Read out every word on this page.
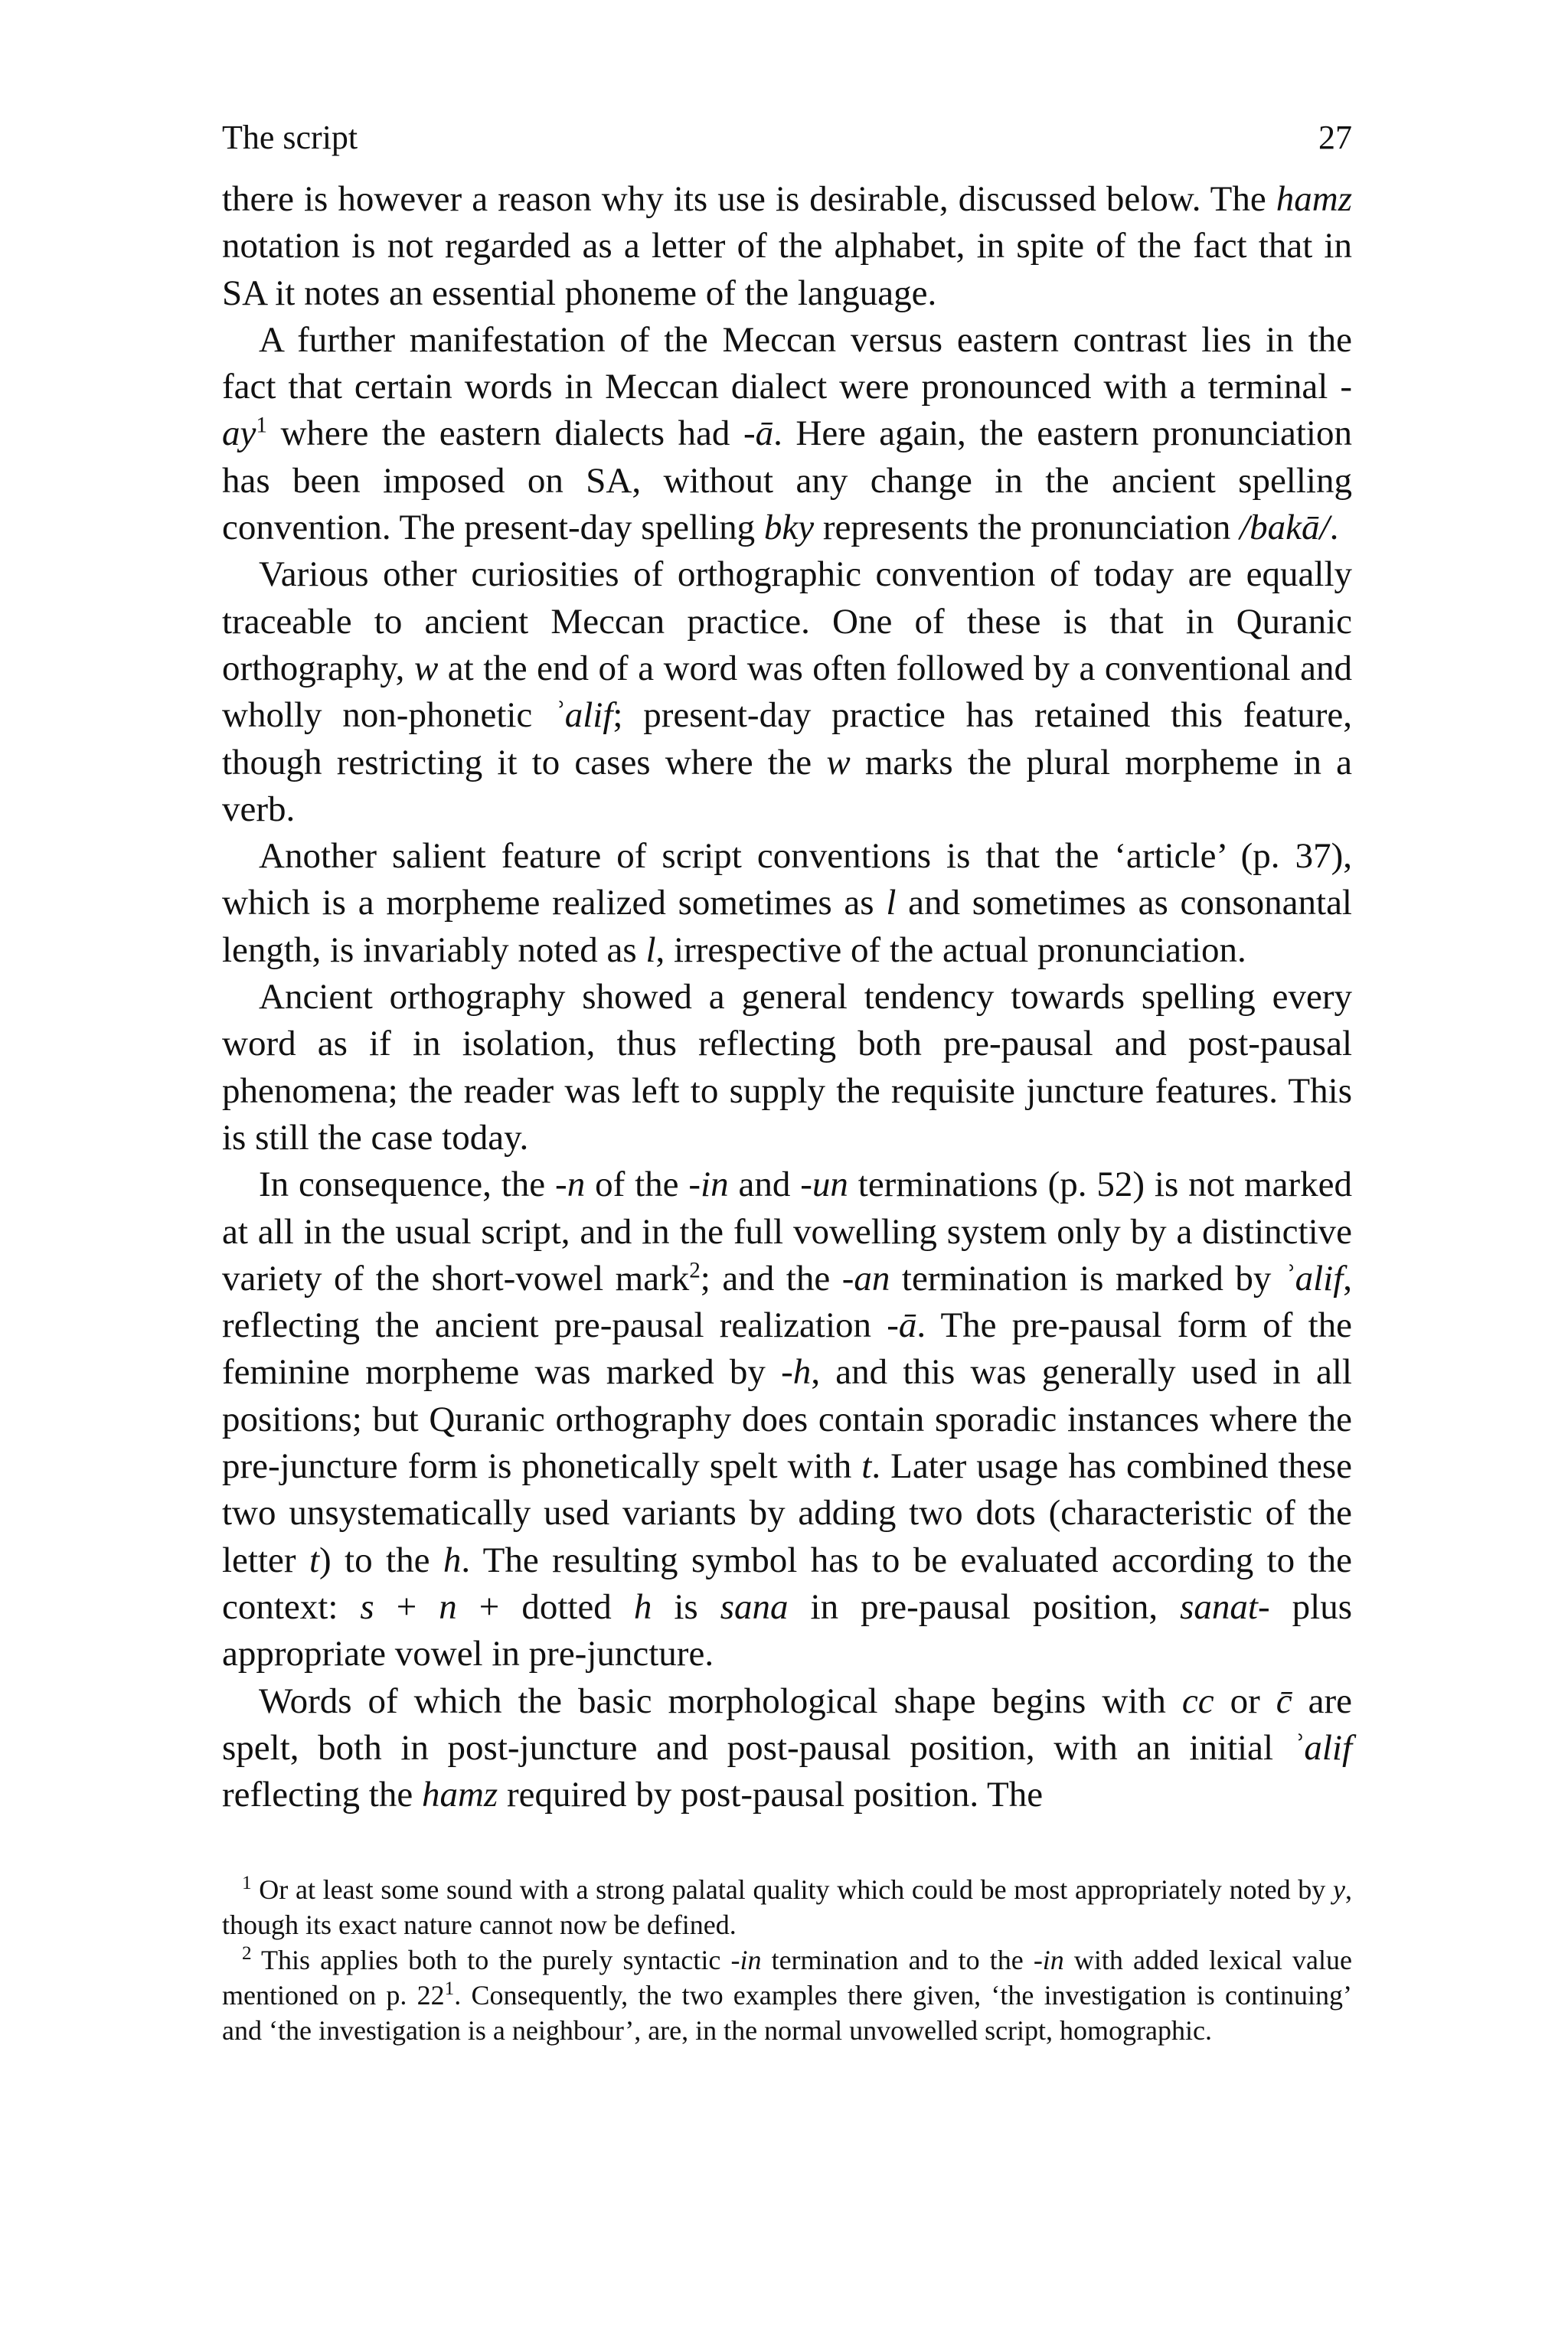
The script	27

there is however a reason why its use is desirable, discussed below. The hamz notation is not regarded as a letter of the alphabet, in spite of the fact that in SA it notes an essential phoneme of the language.

A further manifestation of the Meccan versus eastern contrast lies in the fact that certain words in Meccan dialect were pronounced with a terminal $-ay^1$ where the eastern dialects had -ā. Here again, the eastern pronunciation has been imposed on SA, without any change in the ancient spelling convention. The present-day spelling bky represents the pronunciation /bakā/.

Various other curiosities of orthographic convention of today are equally traceable to ancient Meccan practice. One of these is that in Quranic orthography, w at the end of a word was often followed by a conventional and wholly non-phonetic ʾalif; present-day practice has retained this feature, though restricting it to cases where the w marks the plural morpheme in a verb.

Another salient feature of script conventions is that the ‘article’ (p. 37), which is a morpheme realized sometimes as l and sometimes as consonantal length, is invariably noted as l, irrespective of the actual pronunciation.

Ancient orthography showed a general tendency towards spelling every word as if in isolation, thus reflecting both pre-pausal and post-pausal phenomena; the reader was left to supply the requisite juncture features. This is still the case today.

In consequence, the -n of the -in and -un terminations (p. 52) is not marked at all in the usual script, and in the full vowelling system only by a distinctive variety of the short-vowel mark$^2$; and the -an termination is marked by ʾalif, reflecting the ancient pre-pausal realization -ā. The pre-pausal form of the feminine morpheme was marked by -h, and this was generally used in all positions; but Quranic orthography does contain sporadic instances where the pre-juncture form is phonetically spelt with t. Later usage has combined these two unsystematically used variants by adding two dots (characteristic of the letter t) to the h. The resulting symbol has to be evaluated according to the context: s + n + dotted h is sana in pre-pausal position, sanat- plus appropriate vowel in pre-juncture.

Words of which the basic morphological shape begins with cc or c̄ are spelt, both in post-juncture and post-pausal position, with an initial ʾalif reflecting the hamz required by post-pausal position. The

$^1$ Or at least some sound with a strong palatal quality which could be most appropriately noted by y, though its exact nature cannot now be defined.

$^2$ This applies both to the purely syntactic -in termination and to the -in with added lexical value mentioned on p. $22^1$. Consequently, the two examples there given, ‘the investigation is continuing’ and ‘the investigation is a neighbour’, are, in the normal unvowelled script, homographic.
